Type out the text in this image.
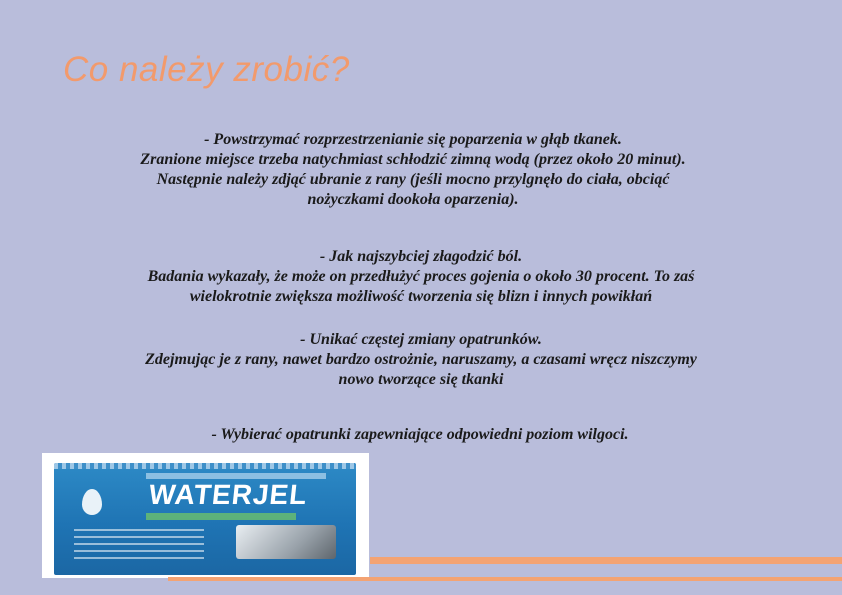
Co należy zrobić?
- Powstrzymać rozprzestrzenianie się poparzenia w głąb tkanek.
Zranione miejsce trzeba natychmiast schłodzić zimną wodą (przez około 20 minut).
Następnie należy zdjąć ubranie z rany (jeśli mocno przylgnęło do ciała, obciąć
nożyczkami dookoła oparzenia).
- Jak najszybciej złagodzić ból.
Badania wykazały, że może on przedłużyć proces gojenia o około 30 procent. To zaś
wielokrotnie zwiększa możliwość tworzenia się blizn i innych powikłań
- Unikać częstej zmiany opatrunków.
Zdejmując je z rany, nawet bardzo ostrożnie, naruszamy, a czasami wręcz niszczymy
nowo tworzące się tkanki
- Wybierać opatrunki zapewniające odpowiedni poziom wilgoci.
WATERJEL
